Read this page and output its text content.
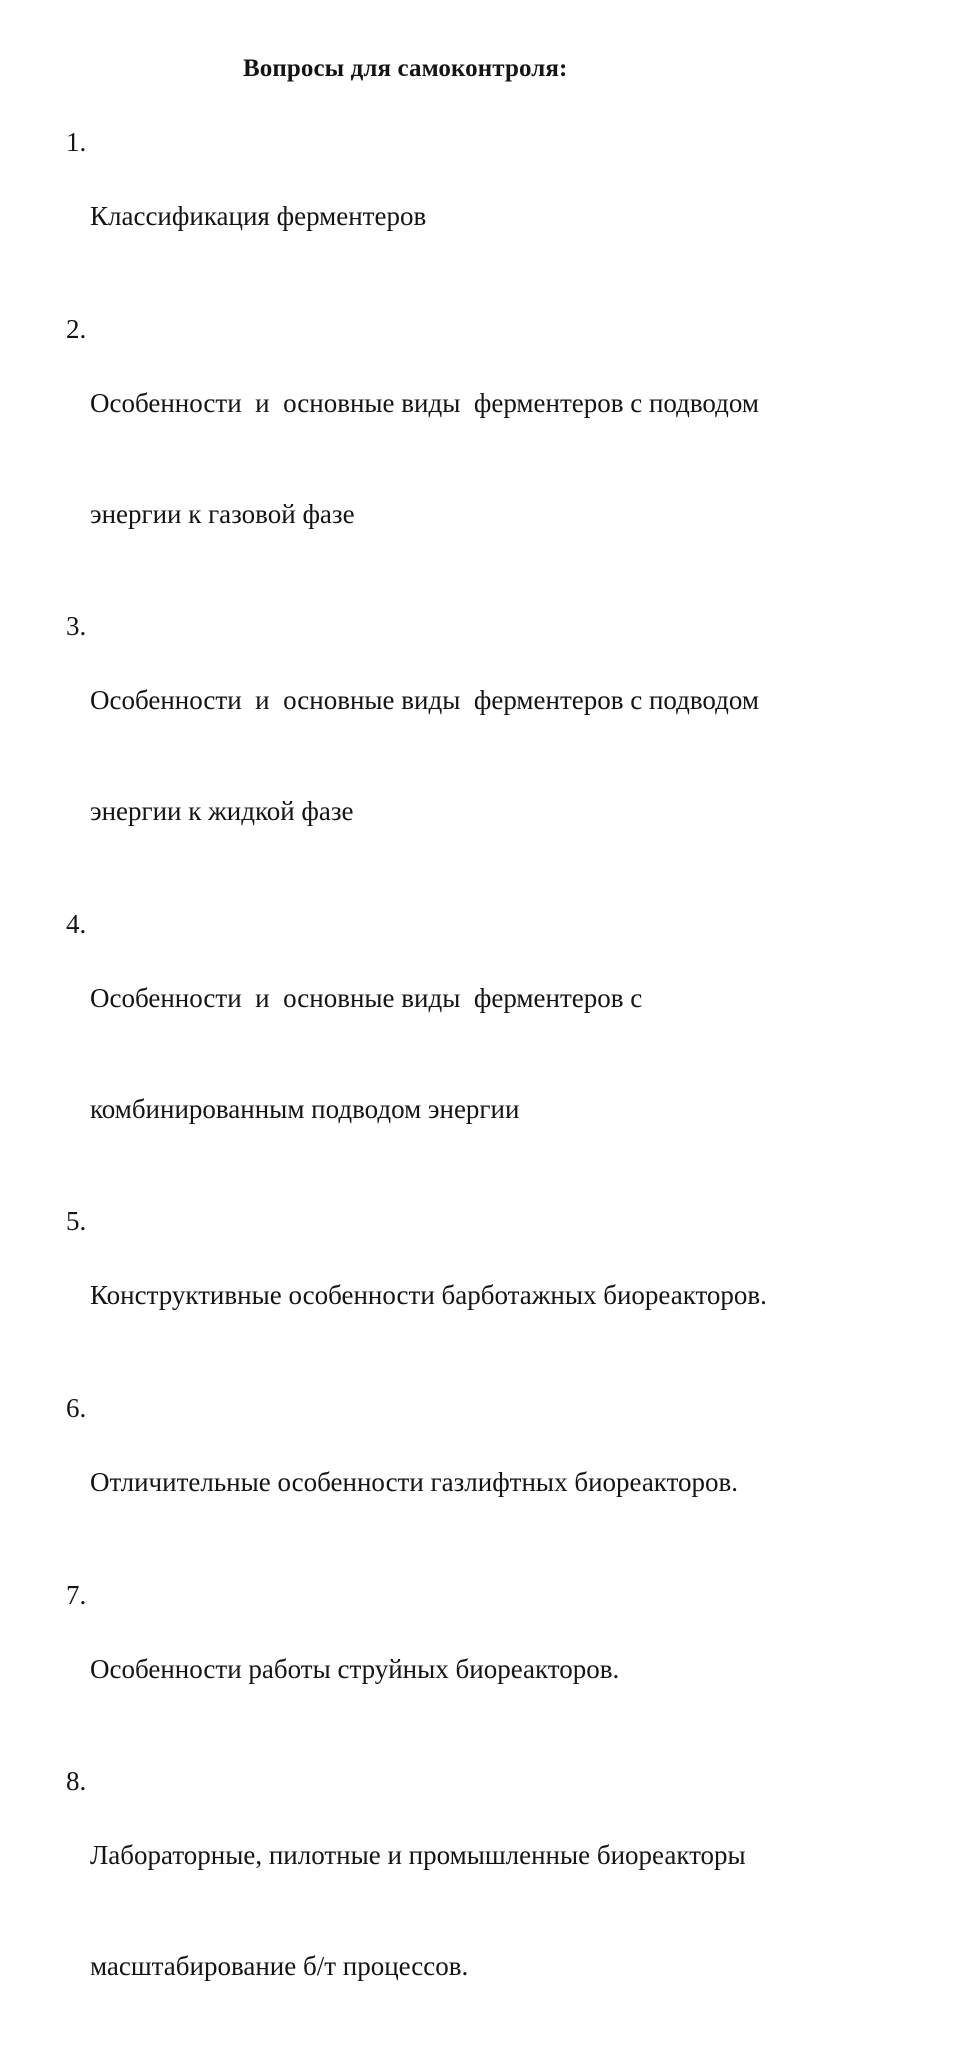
Вопросы для самоконтроля:
1.

Классификация ферментеров

2.

Особенности  и  основные виды  ферментеров с подводом

энергии к газовой фазе

3.

Особенности  и  основные виды  ферментеров с подводом

энергии к жидкой фазе

4.

Особенности  и  основные виды  ферментеров с

комбинированным подводом энергии

5.

Конструктивные особенности барботажных биореакторов.

6.

Отличительные особенности газлифтных биореакторов.

7.

Особенности работы струйных биореакторов.

8.

Лабораторные, пилотные и промышленные биореакторы

масштабирование б/т процессов.
